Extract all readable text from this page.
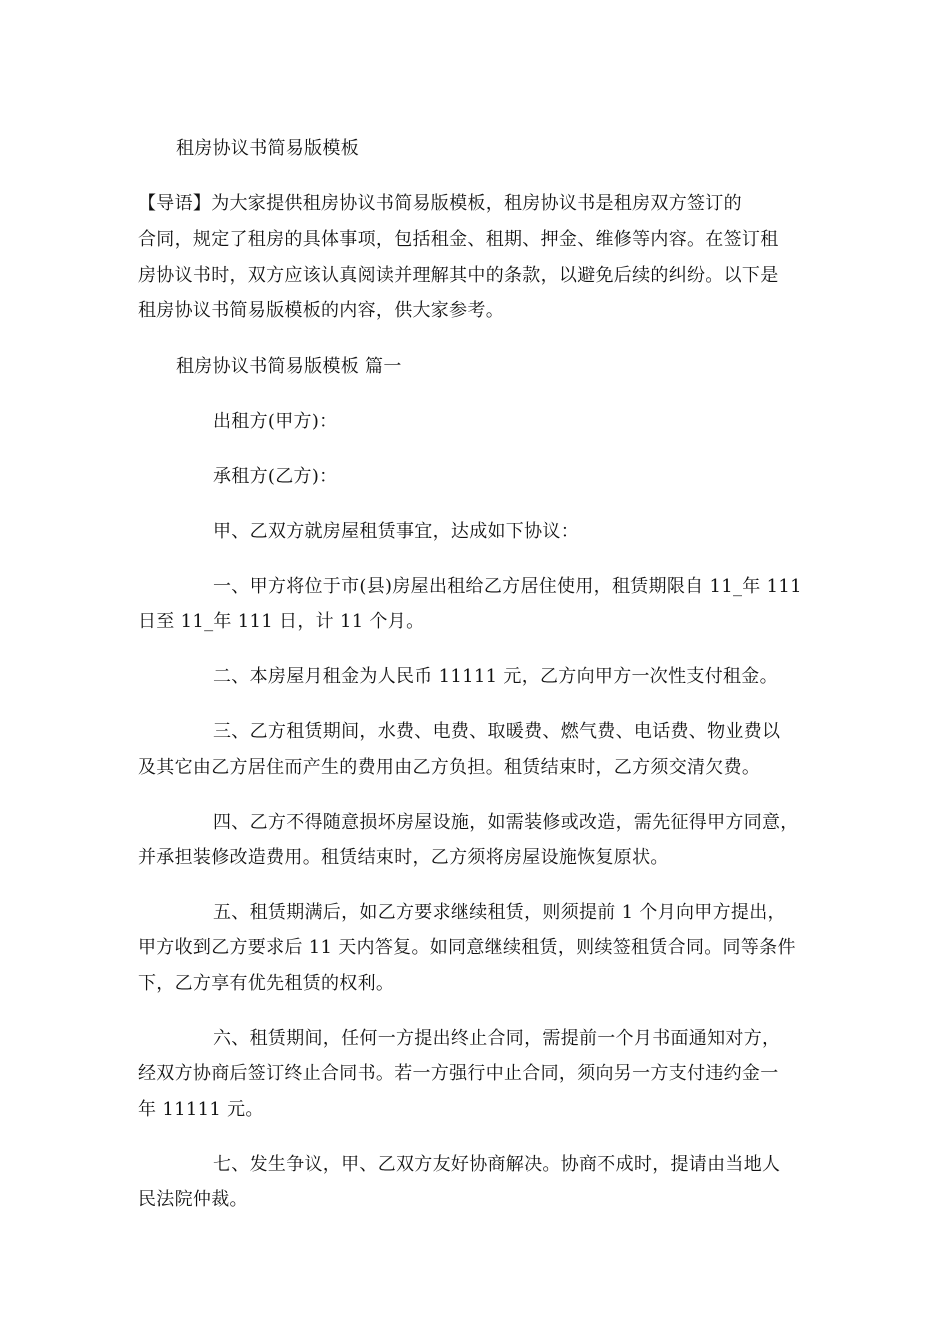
租房协议书简易版模板
【导语】为大家提供租房协议书简易版模板，租房协议书是租房双方签订的
合同，规定了租房的具体事项，包括租金、租期、押金、维修等内容。在签订租
房协议书时，双方应该认真阅读并理解其中的条款，以避免后续的纠纷。以下是
租房协议书简易版模板的内容，供大家参考。
租房协议书简易版模板 篇一
出租方(甲方)：
承租方(乙方)：
甲、乙双方就房屋租赁事宜，达成如下协议：
一、甲方将位于市(县)房屋出租给乙方居住使用，租赁期限自 11_年 111
日至 11_年 111 日，计 11 个月。
二、本房屋月租金为人民币 11111 元，乙方向甲方一次性支付租金。
三、乙方租赁期间，水费、电费、取暖费、燃气费、电话费、物业费以
及其它由乙方居住而产生的费用由乙方负担。租赁结束时，乙方须交清欠费。
四、乙方不得随意损坏房屋设施，如需装修或改造，需先征得甲方同意，
并承担装修改造费用。租赁结束时，乙方须将房屋设施恢复原状。
五、租赁期满后，如乙方要求继续租赁，则须提前 1 个月向甲方提出，
甲方收到乙方要求后 11 天内答复。如同意继续租赁，则续签租赁合同。同等条件
下，乙方享有优先租赁的权利。
六、租赁期间，任何一方提出终止合同，需提前一个月书面通知对方，
经双方协商后签订终止合同书。若一方强行中止合同，须向另一方支付违约金一
年 11111 元。
七、发生争议，甲、乙双方友好协商解决。协商不成时，提请由当地人
民法院仲裁。
